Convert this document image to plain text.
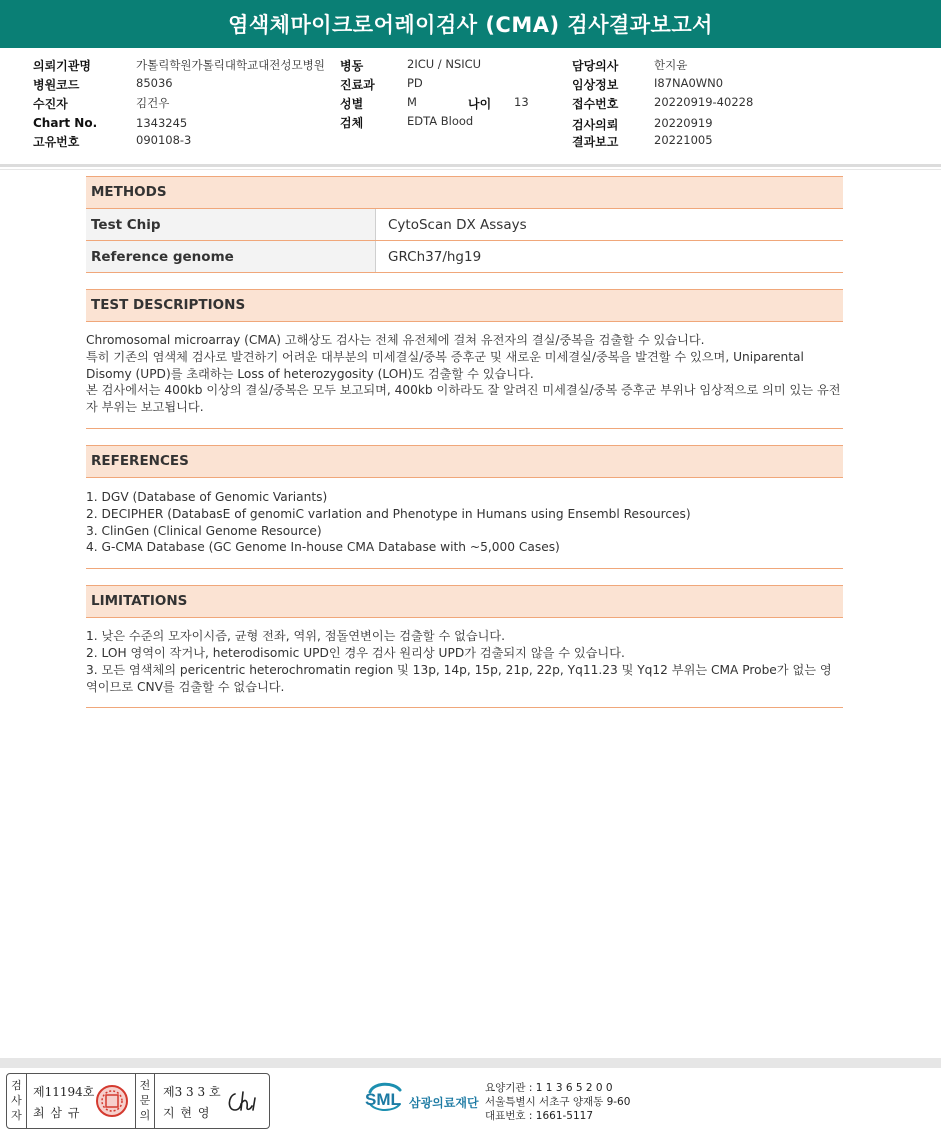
염색체마이크로어레이검사 (CMA) 검사결과보고서
의뢰기관명	가톨릭학원가톨릭대학교대전성모병원 병동	2ICU / NSICU	담당의사	한지윤
병원코드	85036	진료과	PD	임상정보	I87NA0WN0
수진자	김건우	성별	M	나이 13	접수번호	20220919-40228
Chart No.	1343245	검체	EDTA Blood	검사의뢰	20220919
고유번호	090108-3	결과보고	20221005
METHODS
Test Chip	CytoScan DX Assays
Reference genome	GRCh37/hg19
TEST DESCRIPTIONS

Chromosomal microarray (CMA) 고해상도 검사는 전체 유전체에 걸쳐 유전자의 결실/중복을 검출할 수 있습니다.

특히 기존의 염색체 검사로 발견하기 어려운 대부분의 미세결실/중복 증후군 및 새로운 미세결실/중복을 발견할 수 있으며, Uniparental Disomy (UPD)를 초래하는 Loss of heterozygosity (LOH)도 검출할 수 있습니다.

본 검사에서는 400kb 이상의 결실/중복은 모두 보고되며, 400kb 이하라도 잘 알려진 미세결실/중복 증후군 부위나 임상적으로 의미 있는 유전자 부위는 보고됩니다.

REFERENCES

1. DGV (Database of Genomic Variants)

2. DECIPHER (DatabasE of genomiC varIation and Phenotype in Humans using Ensembl Resources)

3. ClinGen (Clinical Genome Resource)

4. G-CMA Database (GC Genome In-house CMA Database with ~5,000 Cases)

LIMITATIONS

1. 낮은 수준의 모자이시즘, 균형 전좌, 역위, 점돌연변이는 검출할 수 없습니다.

2. LOH 영역이 작거나, heterodisomic UPD인 경우 검사 원리상 UPD가 검출되지 않을 수 있습니다.

3. 모든 염색체의 pericentric heterochromatin region 및 13p, 14p, 15p, 21p, 22p, Yq11.23 및 Yq12 부위는 CMA Probe가 없는 영역이므로 CNV를 검출할 수 없습니다.

검사자
제11194호
최 삼 규
전문의
제3 3 3 호
지 현 영
SML 삼광의료재단
요양기관 : 1 1 3 6 5 2 0 0
서울특별시 서초구 양재동 9-60
대표번호 : 1661-5117
